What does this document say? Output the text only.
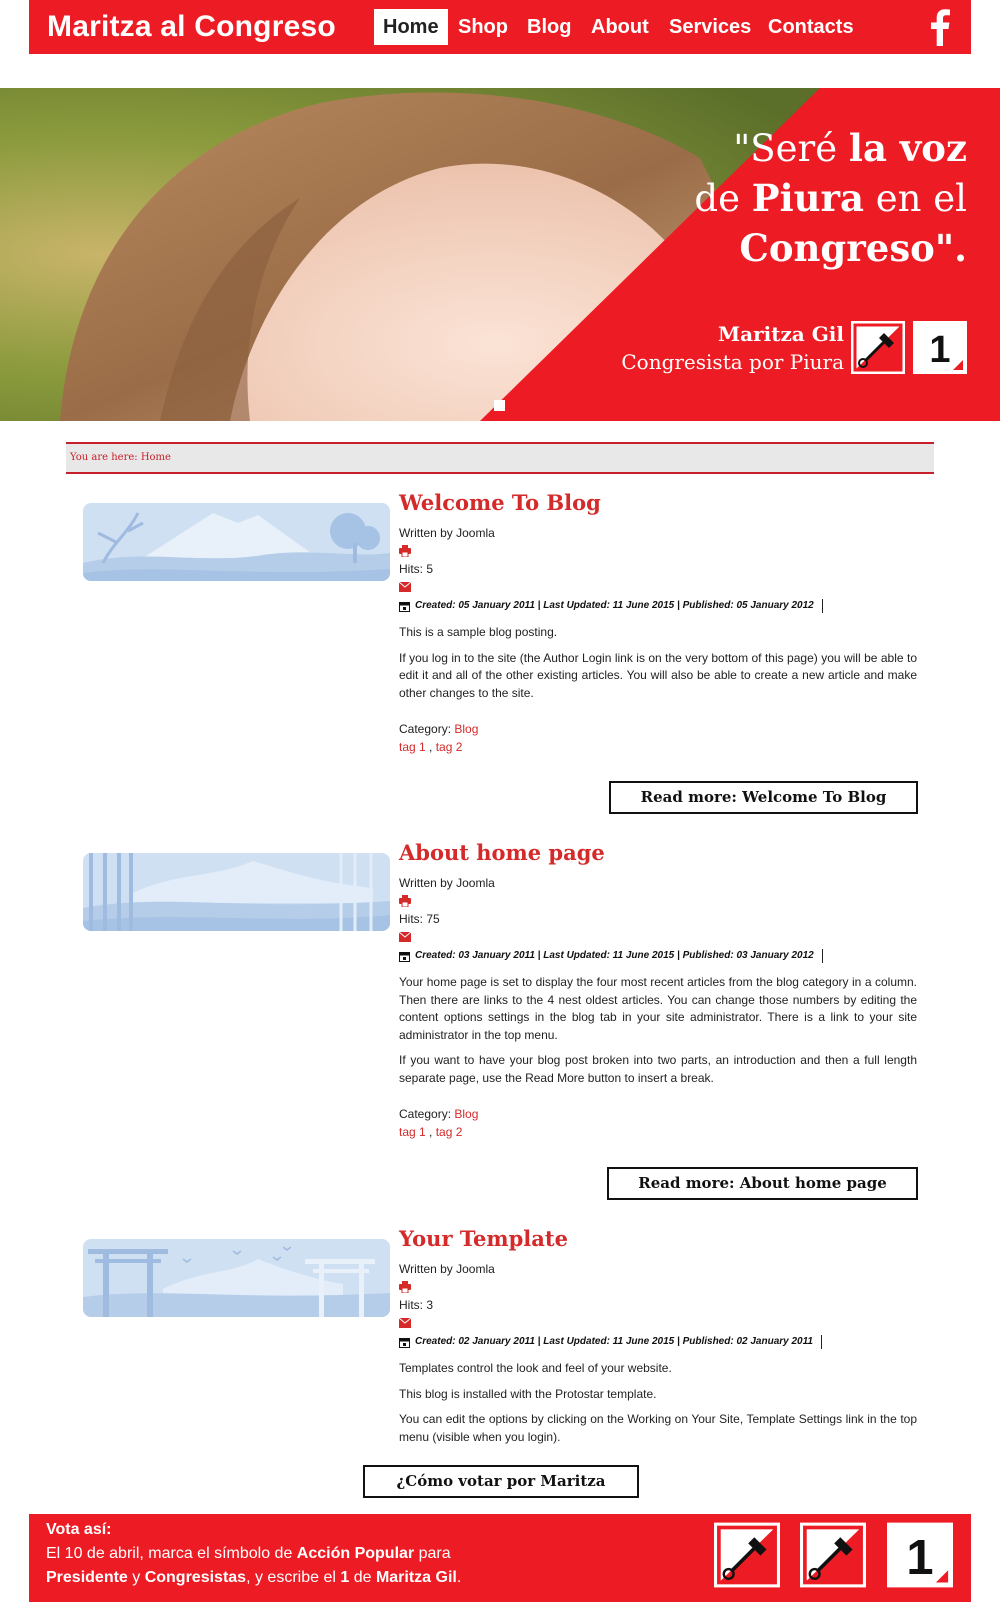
Maritza al Congreso	Home Shop Blog About	Services Contacts
"Seré la voz
de Piura en el
Congreso".
Maritza Gil
Congresista por Piura 1
You are here: Home
Welcome To Blog
Written by Joomla
Hits: 5
Created: 05 January 2011 | Last Updated: 11 June 2015 | Published: 05 January 2012

This is a sample blog posting.

If you log in to the site (the Author Login link is on the very bottom of this page) you will be able to edit it and all of the other existing articles. You will also be able to create a new article and make other changes to the site.

Category: Blog
tag 1 , tag 2
Read more: Welcome To Blog
About home page
Written by Joomla
Hits: 75
Created: 03 January 2011 | Last Updated: 11 June 2015 | Published: 03 January 2012

Your home page is set to display the four most recent articles from the blog category in a column. Then there are links to the 4 nest oldest articles. You can change those numbers by editing the content options settings in the blog tab in your site administrator. There is a link to your site administrator in the top menu.

If you want to have your blog post broken into two parts, an introduction and then a full length separate page, use the Read More button to insert a break.

Category: Blog
tag 1 , tag 2
Read more: About home page
Your Template
Written by Joomla
Hits: 3
Created: 02 January 2011 | Last Updated: 11 June 2015 | Published: 02 January 2011

Templates control the look and feel of your website.

This blog is installed with the Protostar template.

You can edit the options by clicking on the Working on Your Site, Template Settings link in the top menu (visible when you login).

¿Cómo votar por Maritza
Vota así:
El 10 de abril, marca el símbolo de Acción Popular para
Presidente y Congresistas, y escribe el 1 de Maritza Gil.	1
